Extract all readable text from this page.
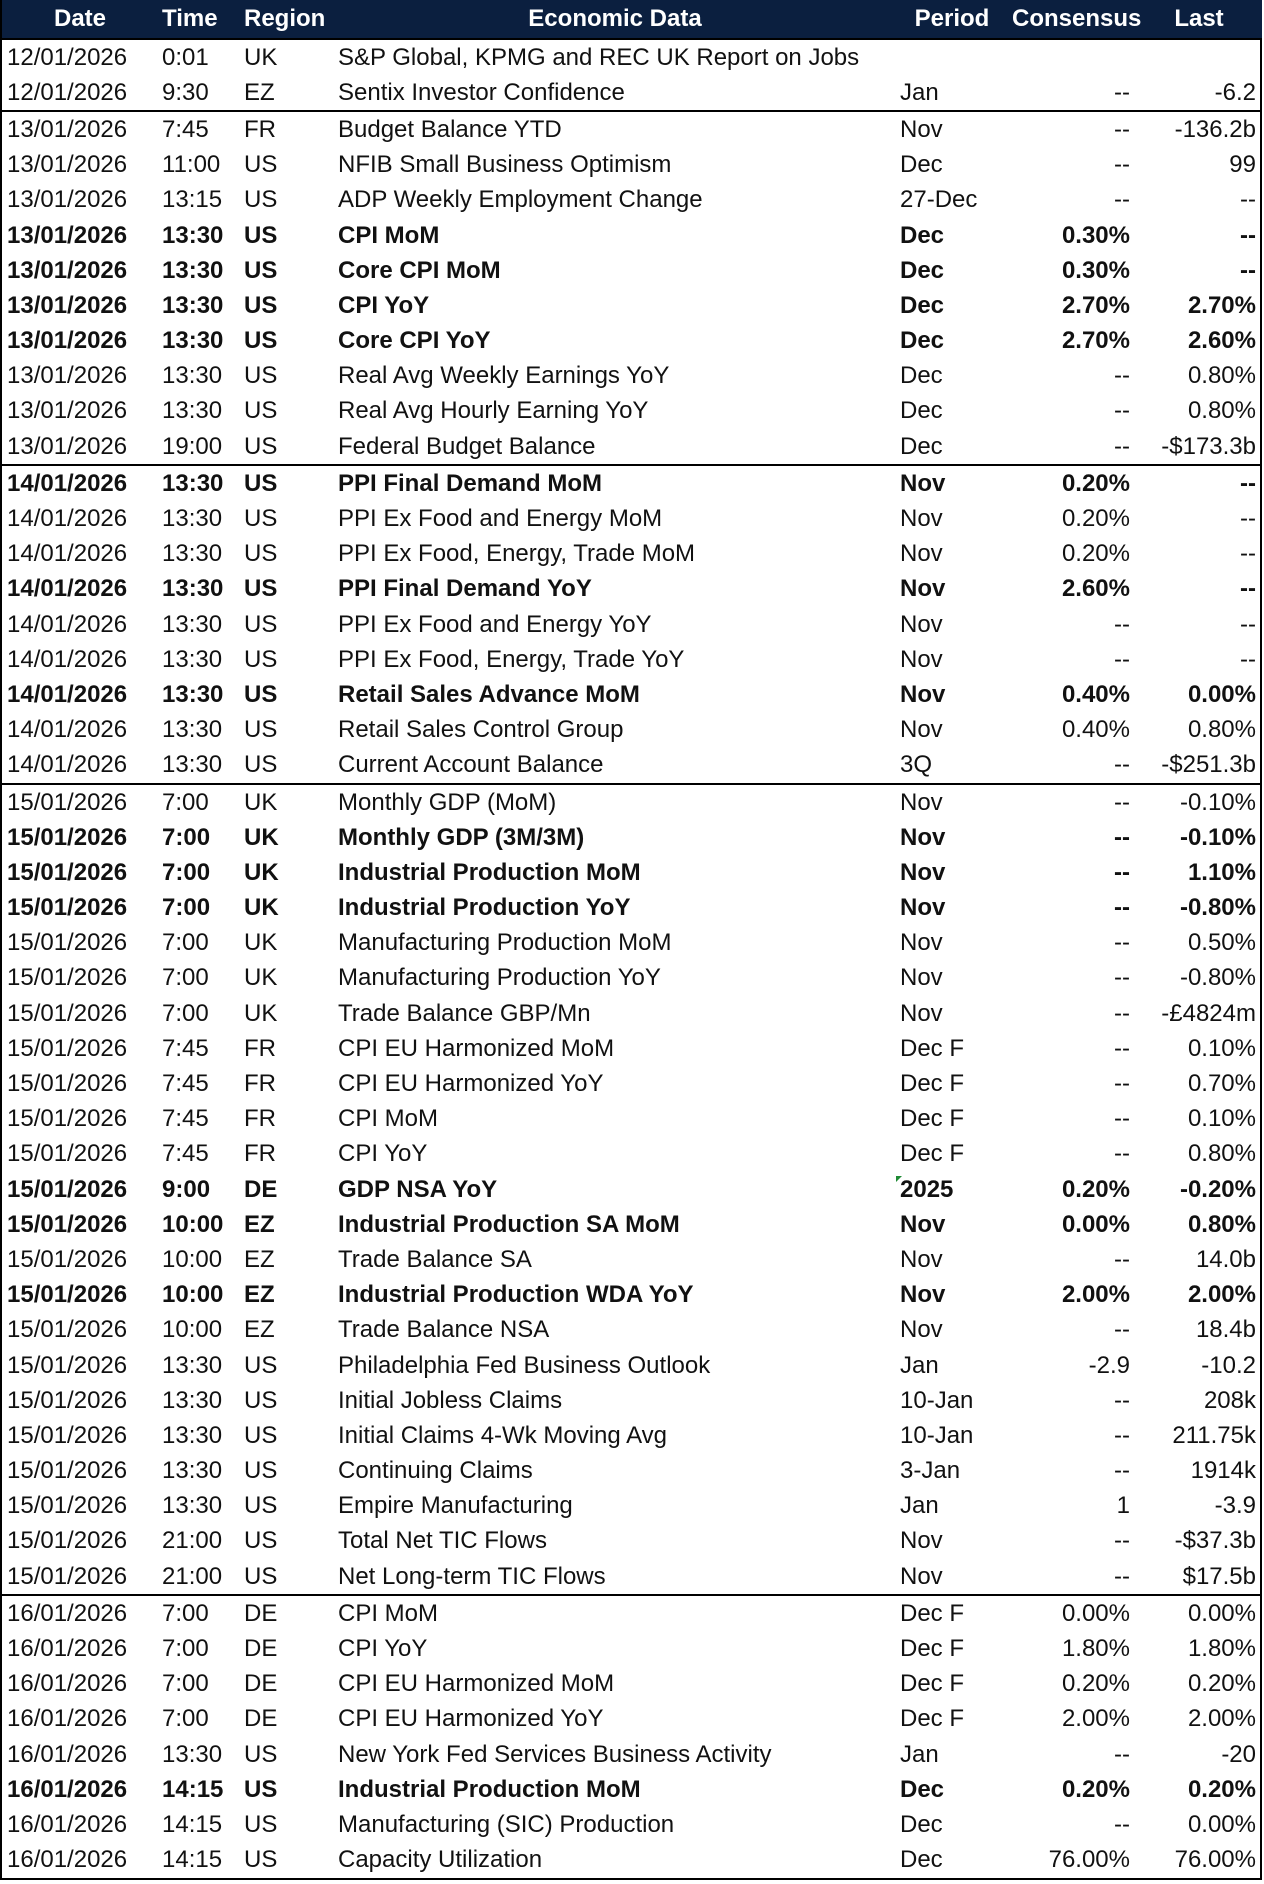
Date	Time	Region	Economic Data	Period	Consensus	Last
12/01/2026	0:01	UK	S&P Global, KPMG and REC UK Report on Jobs			
12/01/2026	9:30	EZ	Sentix Investor Confidence	Jan	--	-6.2
13/01/2026	7:45	FR	Budget Balance YTD	Nov	--	-136.2b
13/01/2026	11:00	US	NFIB Small Business Optimism	Dec	--	99
13/01/2026	13:15	US	ADP Weekly Employment Change	27-Dec	--	--
13/01/2026	13:30	US	CPI MoM	Dec	0.30%	--
13/01/2026	13:30	US	Core CPI MoM	Dec	0.30%	--
13/01/2026	13:30	US	CPI YoY	Dec	2.70%	2.70%
13/01/2026	13:30	US	Core CPI YoY	Dec	2.70%	2.60%
13/01/2026	13:30	US	Real Avg Weekly Earnings YoY	Dec	--	0.80%
13/01/2026	13:30	US	Real Avg Hourly Earning YoY	Dec	--	0.80%
13/01/2026	19:00	US	Federal Budget Balance	Dec	--	-$173.3b
14/01/2026	13:30	US	PPI Final Demand MoM	Nov	0.20%	--
14/01/2026	13:30	US	PPI Ex Food and Energy MoM	Nov	0.20%	--
14/01/2026	13:30	US	PPI Ex Food, Energy, Trade MoM	Nov	0.20%	--
14/01/2026	13:30	US	PPI Final Demand YoY	Nov	2.60%	--
14/01/2026	13:30	US	PPI Ex Food and Energy YoY	Nov	--	--
14/01/2026	13:30	US	PPI Ex Food, Energy, Trade YoY	Nov	--	--
14/01/2026	13:30	US	Retail Sales Advance MoM	Nov	0.40%	0.00%
14/01/2026	13:30	US	Retail Sales Control Group	Nov	0.40%	0.80%
14/01/2026	13:30	US	Current Account Balance	3Q	--	-$251.3b
15/01/2026	7:00	UK	Monthly GDP (MoM)	Nov	--	-0.10%
15/01/2026	7:00	UK	Monthly GDP (3M/3M)	Nov	--	-0.10%
15/01/2026	7:00	UK	Industrial Production MoM	Nov	--	1.10%
15/01/2026	7:00	UK	Industrial Production YoY	Nov	--	-0.80%
15/01/2026	7:00	UK	Manufacturing Production MoM	Nov	--	0.50%
15/01/2026	7:00	UK	Manufacturing Production YoY	Nov	--	-0.80%
15/01/2026	7:00	UK	Trade Balance GBP/Mn	Nov	--	-£4824m
15/01/2026	7:45	FR	CPI EU Harmonized MoM	Dec F	--	0.10%
15/01/2026	7:45	FR	CPI EU Harmonized YoY	Dec F	--	0.70%
15/01/2026	7:45	FR	CPI MoM	Dec F	--	0.10%
15/01/2026	7:45	FR	CPI YoY	Dec F	--	0.80%
15/01/2026	9:00	DE	GDP NSA YoY	2025	0.20%	-0.20%
15/01/2026	10:00	EZ	Industrial Production SA MoM	Nov	0.00%	0.80%
15/01/2026	10:00	EZ	Trade Balance SA	Nov	--	14.0b
15/01/2026	10:00	EZ	Industrial Production WDA YoY	Nov	2.00%	2.00%
15/01/2026	10:00	EZ	Trade Balance NSA	Nov	--	18.4b
15/01/2026	13:30	US	Philadelphia Fed Business Outlook	Jan	-2.9	-10.2
15/01/2026	13:30	US	Initial Jobless Claims	10-Jan	--	208k
15/01/2026	13:30	US	Initial Claims 4-Wk Moving Avg	10-Jan	--	211.75k
15/01/2026	13:30	US	Continuing Claims	3-Jan	--	1914k
15/01/2026	13:30	US	Empire Manufacturing	Jan	1	-3.9
15/01/2026	21:00	US	Total Net TIC Flows	Nov	--	-$37.3b
15/01/2026	21:00	US	Net Long-term TIC Flows	Nov	--	$17.5b
16/01/2026	7:00	DE	CPI MoM	Dec F	0.00%	0.00%
16/01/2026	7:00	DE	CPI YoY	Dec F	1.80%	1.80%
16/01/2026	7:00	DE	CPI EU Harmonized MoM	Dec F	0.20%	0.20%
16/01/2026	7:00	DE	CPI EU Harmonized YoY	Dec F	2.00%	2.00%
16/01/2026	13:30	US	New York Fed Services Business Activity	Jan	--	-20
16/01/2026	14:15	US	Industrial Production MoM	Dec	0.20%	0.20%
16/01/2026	14:15	US	Manufacturing (SIC) Production	Dec	--	0.00%
16/01/2026	14:15	US	Capacity Utilization	Dec	76.00%	76.00%
